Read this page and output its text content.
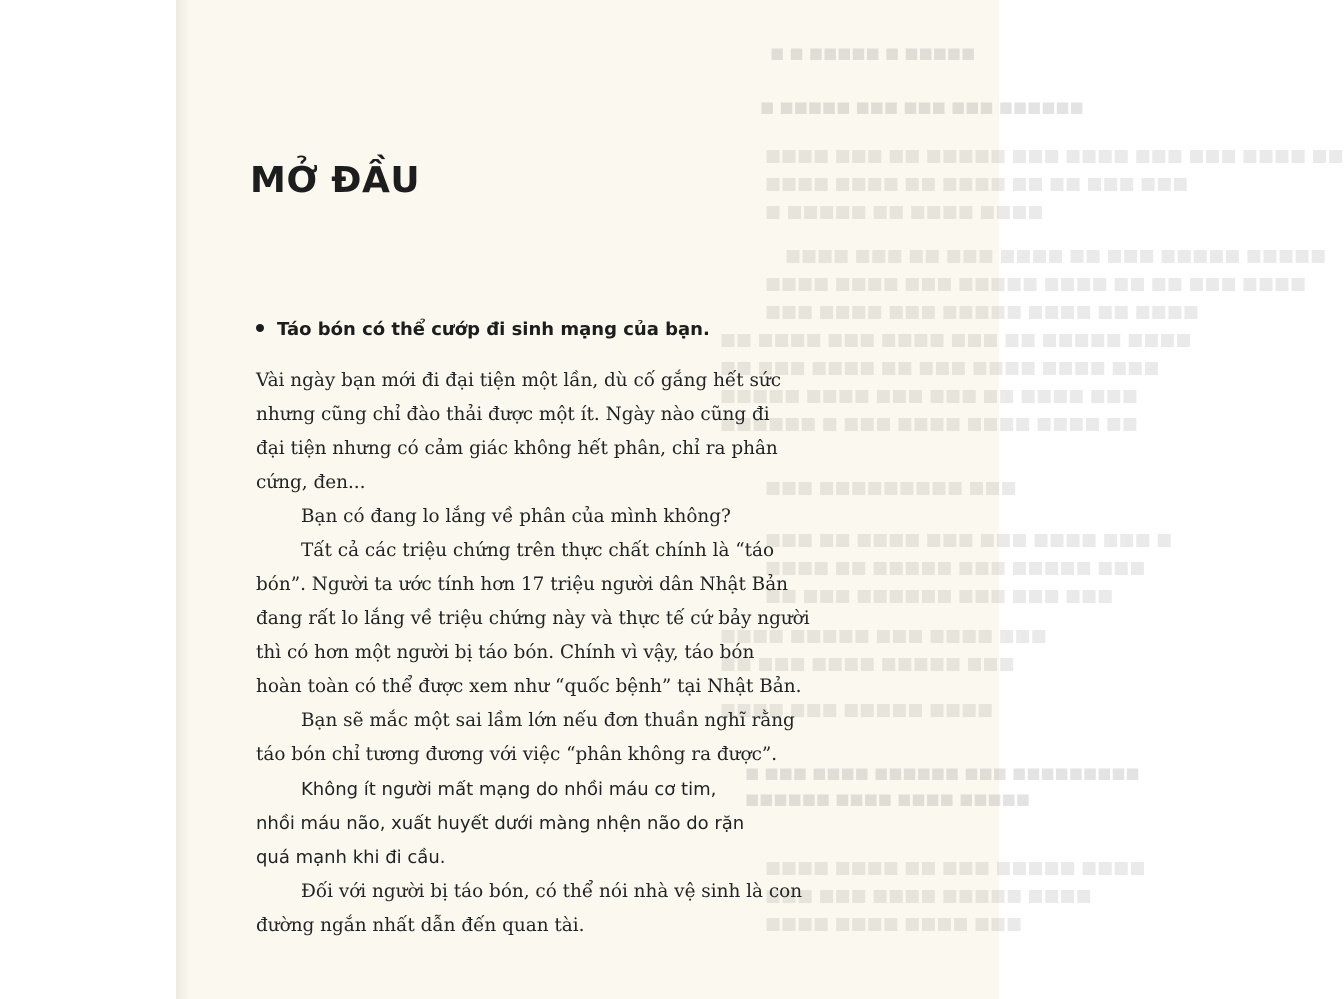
■■■■■■
■■■■ ■■■ ■■ ■■■■■ ■■■ ■■■■ ■■■ ■■■ ■■■■ ■■
■■ ■■ ■■■ ■■■
■■■■
■■■■ ■■■ ■■ ■■■ ■■■■ ■■ ■■■ ■■■■■ ■■■■■
■■■■ ■■■■ ■■■ ■■■■■ ■■■■ ■■ ■■ ■■■ ■■■■
■■■■ ■■ ■■■■
■■ ■■■■■ ■■■■
■■■■ ■■■■ ■■■
■■■■ ■■■
■■■■ ■■
■■■ ■■■■ ■■■ ■
■■■■■ ■■■
■■■ ■■■
■■■
■■■■■■■■■
■■■■■ ■■■■
■■■■
MỞ ĐẦU
Táo bón có thể cướp đi sinh mạng của bạn.
Vài ngày bạn mới đi đại tiện một lần, dù cố gắng hết sức
nhưng cũng chỉ đào thải được một ít. Ngày nào cũng đi
đại tiện nhưng có cảm giác không hết phân, chỉ ra phân
cứng, đen...
Bạn có đang lo lắng về phân của mình không?
Tất cả các triệu chứng trên thực chất chính là “táo
bón”. Người ta ước tính hơn 17 triệu người dân Nhật Bản
đang rất lo lắng về triệu chứng này và thực tế cứ bảy người
thì có hơn một người bị táo bón. Chính vì vậy, táo bón
hoàn toàn có thể được xem như “quốc bệnh” tại Nhật Bản.
Bạn sẽ mắc một sai lầm lớn nếu đơn thuần nghĩ rằng
táo bón chỉ tương đương với việc “phân không ra được”.
Không ít người mất mạng do nhồi máu cơ tim,
nhồi máu não, xuất huyết dưới màng nhện não do rặn
quá mạnh khi đi cầu.
Đối với người bị táo bón, có thể nói nhà vệ sinh là con
đường ngắn nhất dẫn đến quan tài.
